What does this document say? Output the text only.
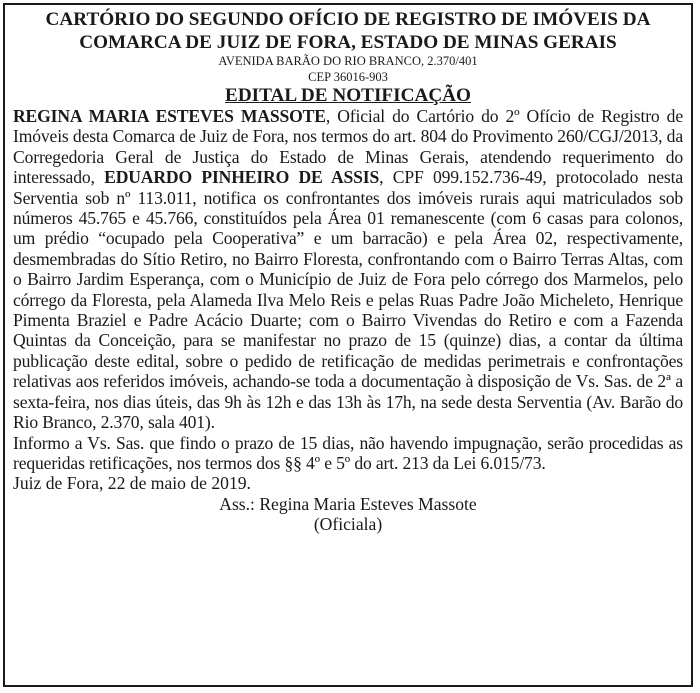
CARTÓRIO DO SEGUNDO OFÍCIO DE REGISTRO DE IMÓVEIS DA

COMARCA DE JUIZ DE FORA, ESTADO DE MINAS GERAIS

AVENIDA BARÃO DO RIO BRANCO, 2.370/401

CEP 36016-903

EDITAL DE NOTIFICAÇÃO

REGINA MARIA ESTEVES MASSOTE, Oficial do Cartório do 2º Ofício de Registro de Imóveis desta Comarca de Juiz de Fora, nos termos do art. 804 do Provimento 260/CGJ/2013, da Corregedoria Geral de Justiça do Estado de Minas Gerais, atendendo requerimento do interessado, EDUARDO PINHEIRO DE ASSIS, CPF 099.152.736-49, protocolado nesta Serventia sob nº 113.011, notifica os confrontantes dos imóveis rurais aqui matriculados sob números 45.765 e 45.766, constituídos pela Área 01 remanescente (com 6 casas para colonos, um prédio “ocupado pela Cooperativa” e um barracão) e pela Área 02, respectivamente, desmembradas do Sítio Retiro, no Bairro Floresta, confrontando com o Bairro Terras Altas, com o Bairro Jardim Esperança, com o Município de Juiz de Fora pelo córrego dos Marmelos, pelo córrego da Floresta, pela Alameda Ilva Melo Reis e pelas Ruas Padre João Micheleto, Henrique Pimenta Braziel e Padre Acácio Duarte; com o Bairro Vivendas do Retiro e com a Fazenda Quintas da Conceição, para se manifestar no prazo de 15 (quinze) dias, a contar da última publicação deste edital, sobre o pedido de retificação de medidas perimetrais e confrontações relativas aos referidos imóveis, achando-se toda a documentação à disposição de Vs. Sas. de 2ª a sexta-feira, nos dias úteis, das 9h às 12h e das 13h às 17h, na sede desta Serventia (Av. Barão do Rio Branco, 2.370, sala 401).

Informo a Vs. Sas. que findo o prazo de 15 dias, não havendo impugnação, serão procedidas as requeridas retificações, nos termos dos §§ 4º e 5º do art. 213 da Lei 6.015/73.

Juiz de Fora, 22 de maio de 2019.

Ass.: Regina Maria Esteves Massote

(Oficiala)
